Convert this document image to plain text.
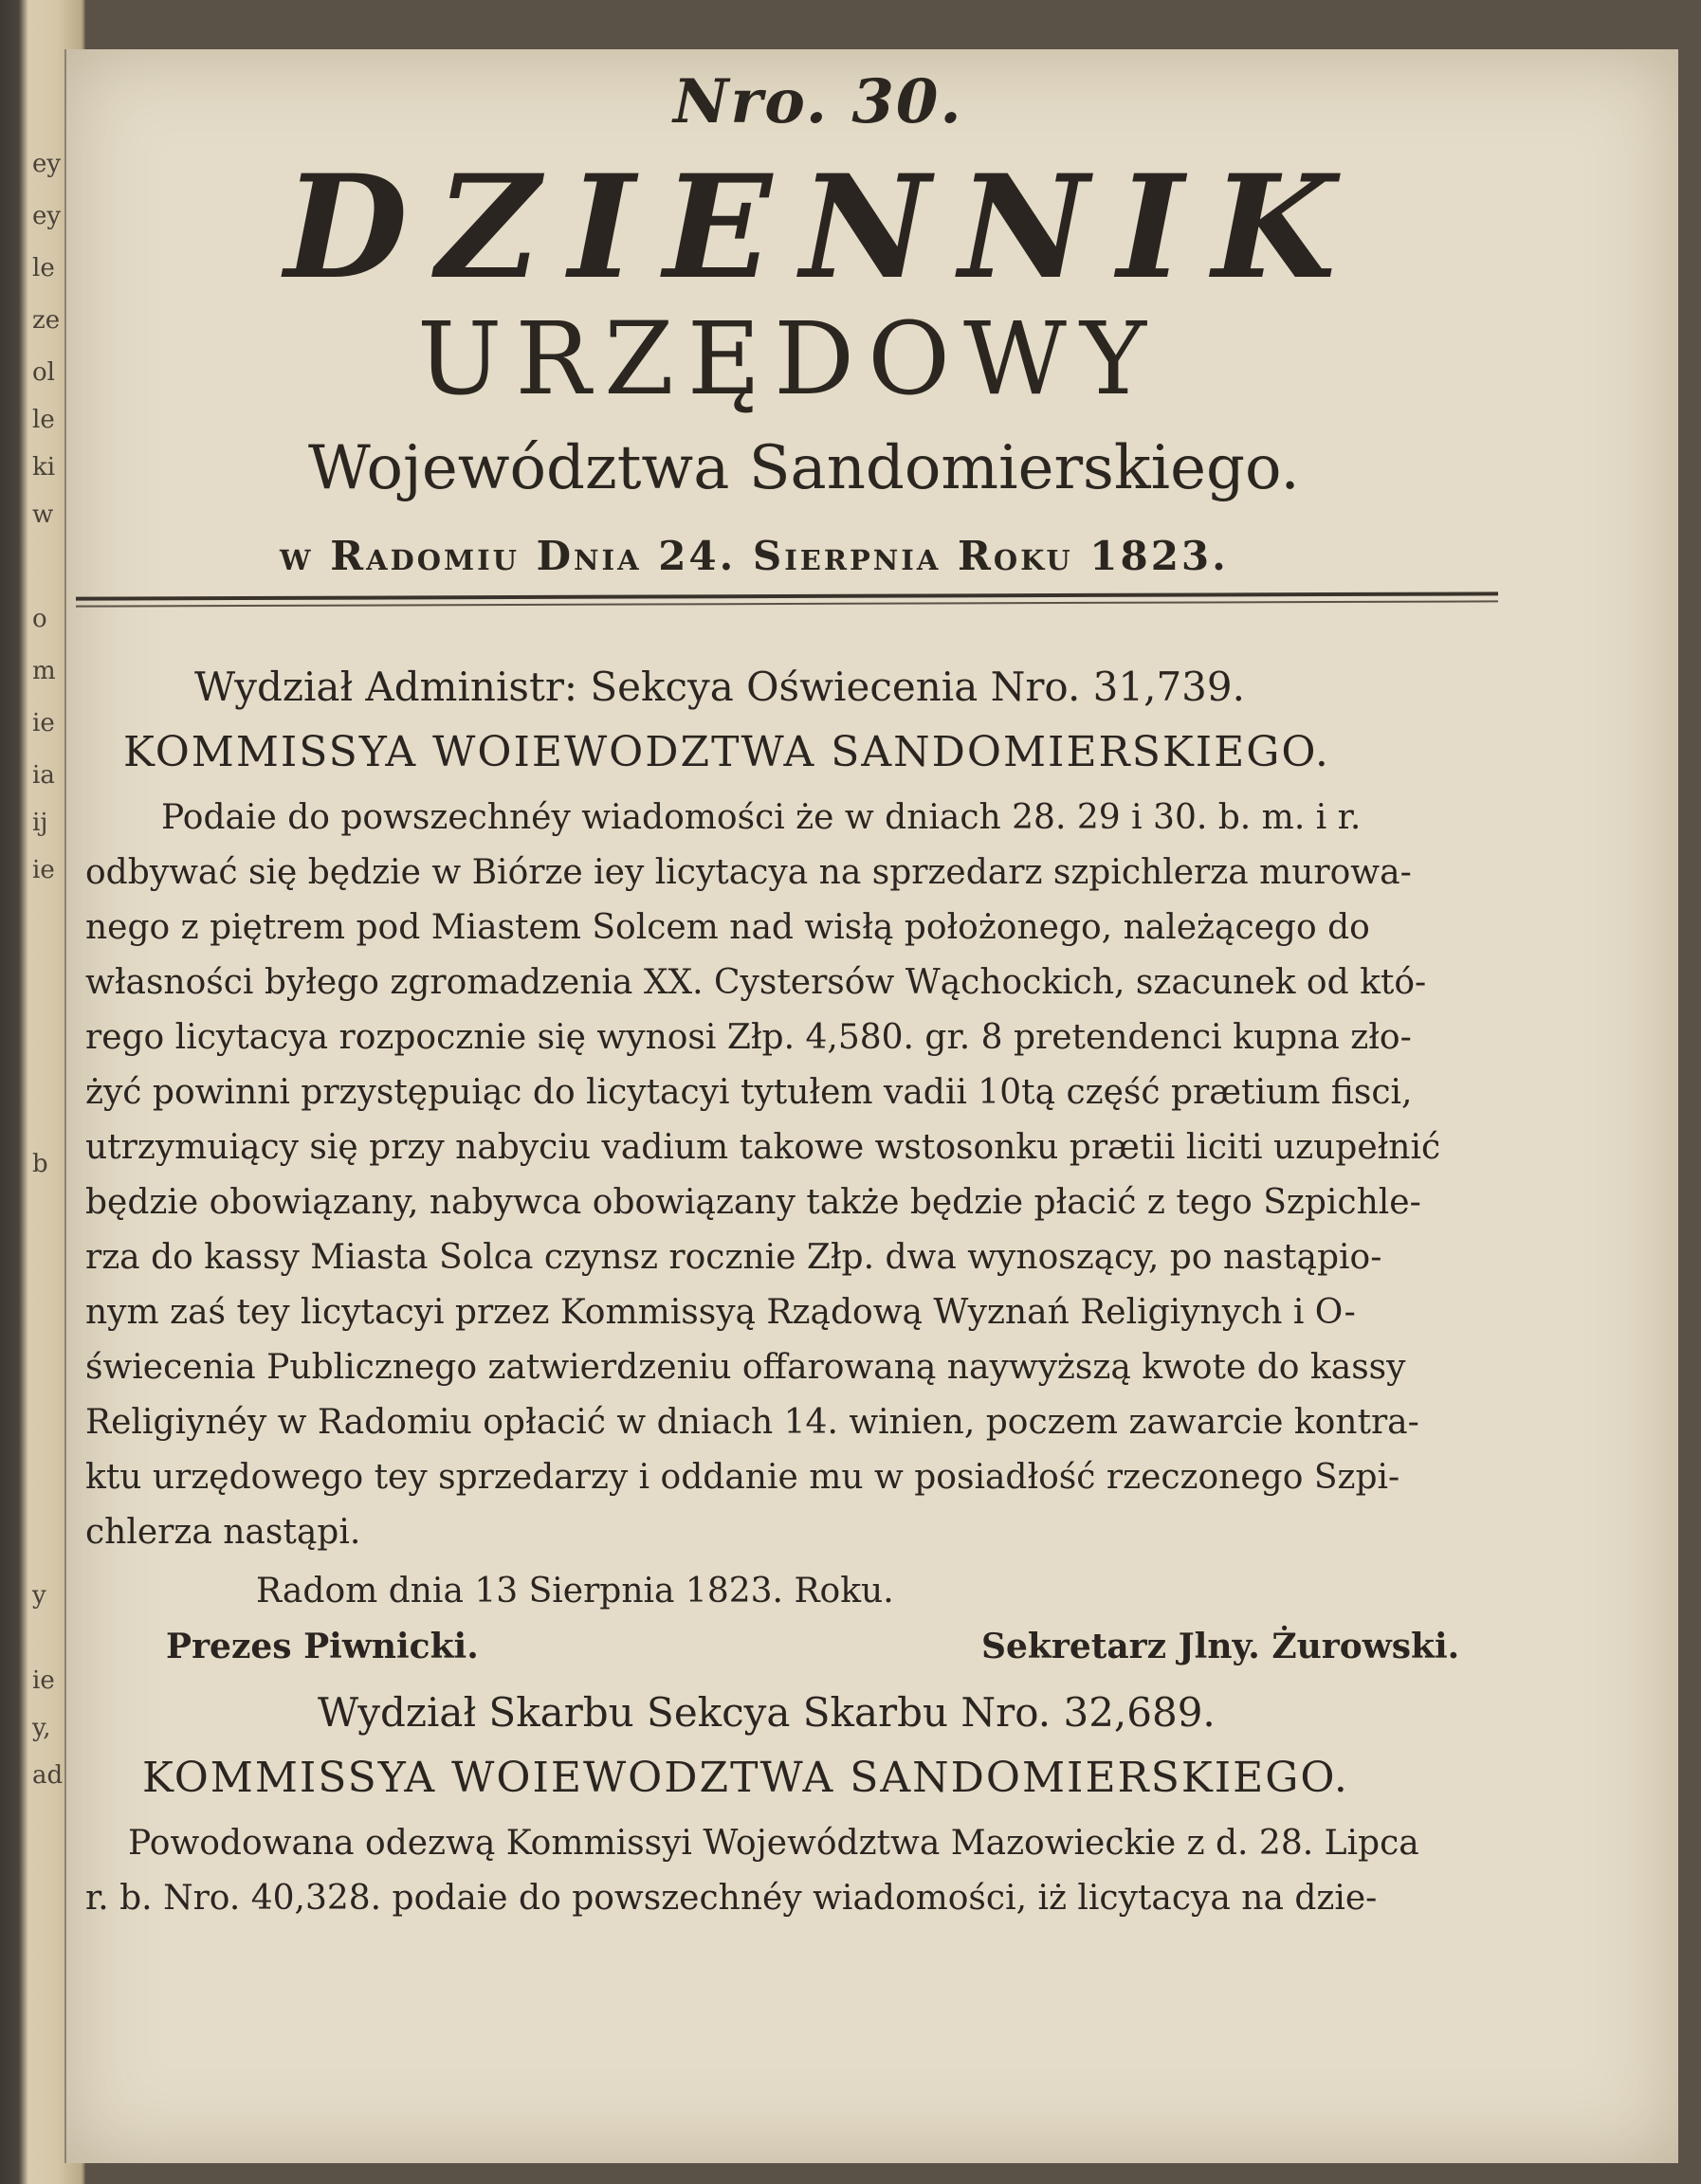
ey
ey
le
ze
ol
le
ki
w
o
m
ie
ia
ij
ie
b
y
ie
y,
ad
Nro. 30.
DZIENNIK
URZĘDOWY
Województwa Sandomierskiego.
w Radomiu Dnia 24. Sierpnia Roku 1823.
Wydział Administr: Sekcya Oświecenia Nro. 31,739.
KOMMISSYA WOIEWODZTWA SANDOMIERSKIEGO.
Podaie do powszechnéy wiadomości że w dniach 28. 29 i 30. b. m. i r.
odbywać się będzie w Biórze iey licytacya na sprzedarz szpichlerza murowa-
nego z piętrem pod Miastem Solcem nad wisłą położonego, należącego do
własności byłego zgromadzenia XX. Cystersów Wąchockich, szacunek od któ-
rego licytacya rozpocznie się wynosi Złp. 4,580. gr. 8 pretendenci kupna zło-
żyć powinni przystępuiąc do licytacyi tytułem vadii 10tą część prætium fisci,
utrzymuiący się przy nabyciu vadium takowe wstosonku prætii liciti uzupełnić
będzie obowiązany, nabywca obowiązany także będzie płacić z tego Szpichle-
rza do kassy Miasta Solca czynsz rocznie Złp. dwa wynoszący, po nastąpio-
nym zaś tey licytacyi przez Kommissyą Rządową Wyznań Religiynych i O-
świecenia Publicznego zatwierdzeniu offarowaną naywyższą kwote do kassy
Religiynéy w Radomiu opłacić w dniach 14. winien, poczem zawarcie kontra-
ktu urzędowego tey sprzedarzy i oddanie mu w posiadłość rzeczonego Szpi-
chlerza nastąpi.
Radom dnia 13 Sierpnia 1823. Roku.
Prezes Piwnicki.	Sekretarz Jlny. Żurowski.
Wydział Skarbu Sekcya Skarbu Nro. 32,689.
KOMMISSYA WOIEWODZTWA SANDOMIERSKIEGO.
Powodowana odezwą Kommissyi Województwa Mazowieckie z d. 28. Lipca
r. b. Nro. 40,328. podaie do powszechnéy wiadomości, iż licytacya na dzie-
